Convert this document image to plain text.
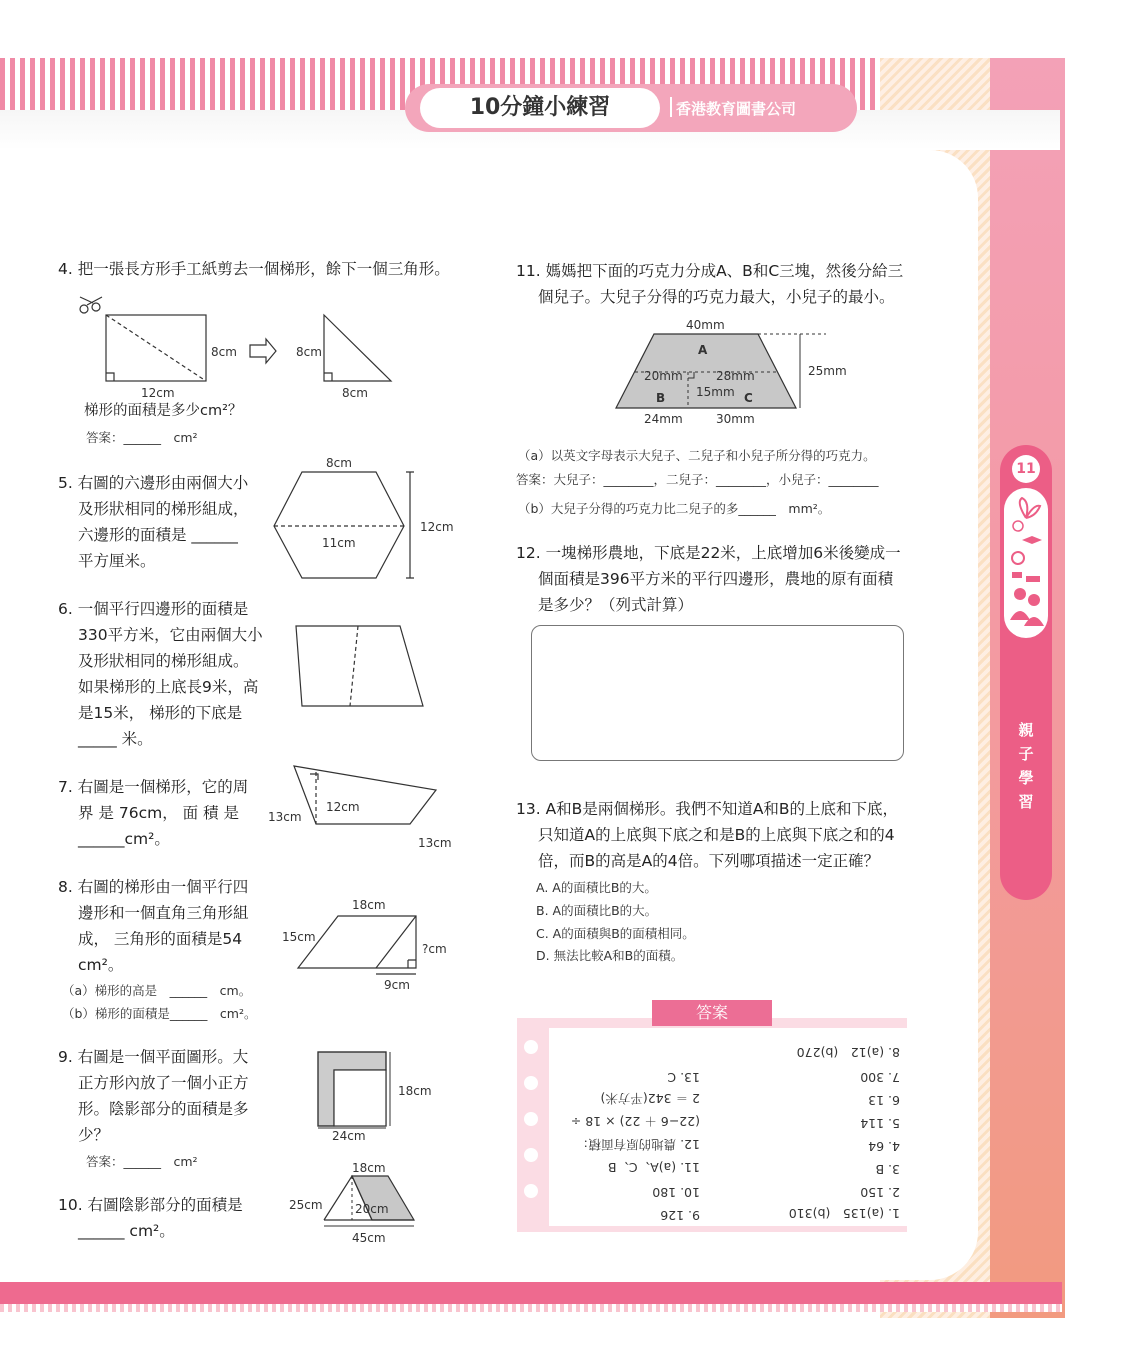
10分鐘小練習	香港教育圖書公司
11
親
子
學
習
4. 把一張長方形手工紙剪去一個梯形，餘下一個三角形。
8cm
12cm
8cm
8cm
梯形的面積是多少cm²？
答案：______　cm²
5. 右圖的六邊形由兩個大小
及形狀相同的梯形組成，
六邊形的面積是 ______
平方厘米。
8cm
11cm
12cm
6. 一個平行四邊形的面積是
330平方米，它由兩個大小
及形狀相同的梯形組成。
如果梯形的上底長9米，高
是15米， 梯形的下底是
_____ 米。
7. 右圖是一個梯形，它的周
界 是 76cm， 面 積 是
______cm²。
13cm
12cm
13cm
8. 右圖的梯形由一個平行四
邊形和一個直角三角形組
成， 三角形的面積是54
cm²。
（a）梯形的高是　______　cm。
（b）梯形的面積是______　cm²。
18cm
15cm
?cm
9cm
9. 右圖是一個平面圖形。大
正方形內放了一個小正方
形。陰影部分的面積是多
少？
答案：______　cm²
18cm
24cm
10. 右圖陰影部分的面積是
______ cm²。
18cm
25cm	20cm
45cm
11. 媽媽把下面的巧克力分成A、B和C三塊，然後分給三
個兒子。大兒子分得的巧克力最大，小兒子的最小。
40mm
A
20mm	28mm
15mm
B	C
25mm
24mm	30mm
（a）以英文字母表示大兒子、二兒子和小兒子所分得的巧克力。
答案：大兒子：________，二兒子：________，小兒子：________
（b）大兒子分得的巧克力比二兒子的多______　mm²。
12. 一塊梯形農地，下底是22米，上底增加6米後變成一
個面積是396平方米的平行四邊形，農地的原有面積
是多少？（列式計算）
13. A和B是兩個梯形。我們不知道A和B的上底和下底，
只知道A的上底與下底之和是B的上底與下底之和的4
倍，而B的高是A的4倍。下列哪項描述一定正確？
A. A的面積比B的大。
B. A的面積比B的大。
C. A的面積與B的面積相同。
D. 無法比較A和B的面積。
答案
1. (a)135　(b)310
9. 126
2. 150
10. 180
3. B
11. (a)A、C、B
4. 64
12. 農地的原有面積：
5. 114
(22−6 ＋ 22) × 18 ÷
6. 13
2 ＝ 342(平方米)
7. 300
13. C
8. (a)12　(b)270
